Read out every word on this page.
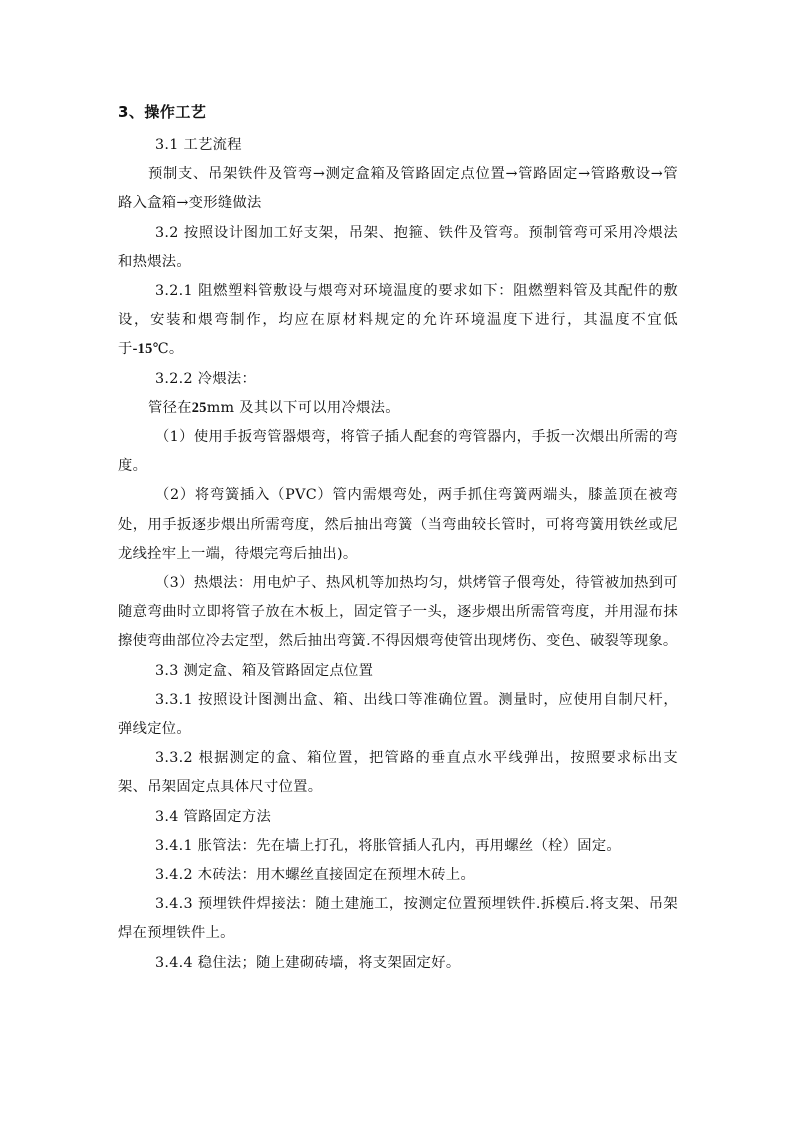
3、操作工艺

3.1 工艺流程

预制支、吊架铁件及管弯→测定盒箱及管路固定点位置→管路固定→管路敷设→管路入盒箱→变形缝做法

3.2 按照设计图加工好支架，吊架、抱箍、铁件及管弯。预制管弯可采用冷煨法和热煨法。

3.2.1 阻燃塑料管敷设与煨弯对环境温度的要求如下：阻燃塑料管及其配件的敷设，安装和煨弯制作，均应在原材料规定的允许环境温度下进行，其温度不宜低于-15℃。

3.2.2 冷煨法：

管径在25mm 及其以下可以用冷煨法。

（1）使用手扳弯管器煨弯，将管子插人配套的弯管器内，手扳一次煨出所需的弯度。

（2）将弯簧插入（PVC）管内需煨弯处，两手抓住弯簧两端头，膝盖顶在被弯处，用手扳逐步煨出所需弯度，然后抽出弯簧（当弯曲较长管时，可将弯簧用铁丝或尼龙线拴牢上一端，待煨完弯后抽出)。

（3）热煨法：用电炉子、热风机等加热均匀，烘烤管子偎弯处，待管被加热到可随意弯曲时立即将管子放在木板上，固定管子一头，逐步煨出所需管弯度，并用湿布抹擦使弯曲部位冷去定型，然后抽出弯簧.不得因煨弯使管出现烤伤、变色、破裂等现象。

3.3 测定盒、箱及管路固定点位置

3.3.1 按照设计图测出盒、箱、出线口等准确位置。测量时，应使用自制尺杆，弹线定位。

3.3.2 根据测定的盒、箱位置，把管路的垂直点水平线弹出，按照要求标出支架、吊架固定点具体尺寸位置。

3.4 管路固定方法

3.4.1 胀管法：先在墙上打孔，将胀管插人孔内，再用螺丝（栓）固定。

3.4.2 木砖法：用木螺丝直接固定在预埋木砖上。

3.4.3 预埋铁件焊接法：随土建施工，按测定位置预埋铁件.拆模后.将支架、吊架焊在预埋铁件上。

3.4.4 稳住法；随上建砌砖墙，将支架固定好。
